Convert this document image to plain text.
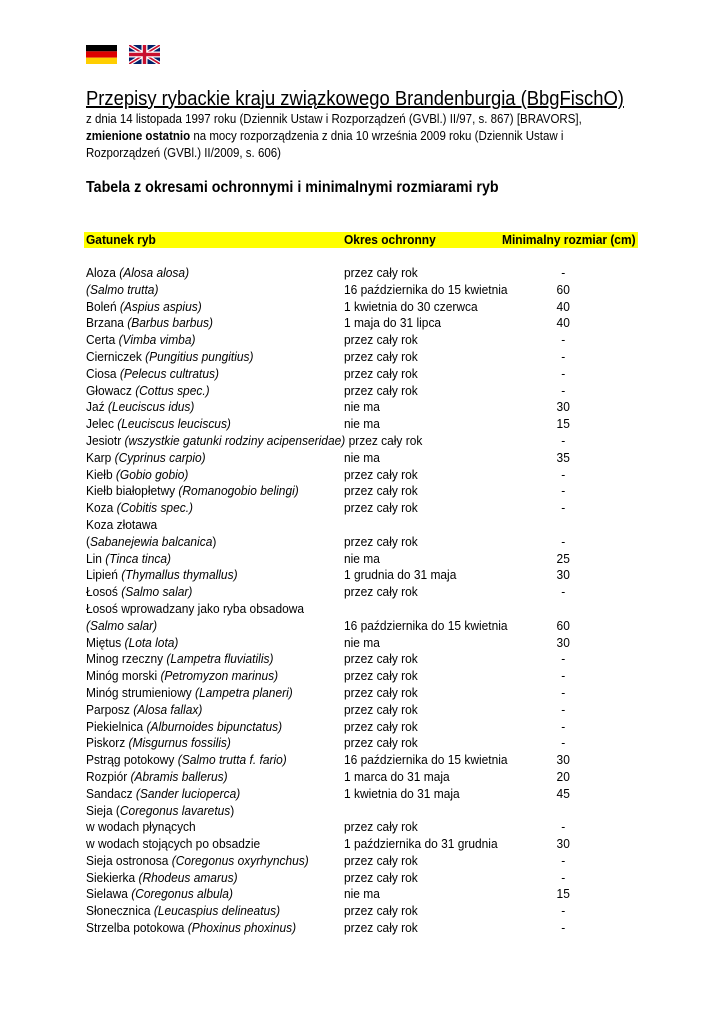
Przepisy rybackie kraju związkowego Brandenburgia (BbgFischO)
z dnia 14 listopada 1997 roku (Dziennik Ustaw i Rozporządzeń (GVBl.) II/97, s. 867) [BRAVORS],
zmienione ostatnio na mocy rozporządzenia z dnia 10 września 2009 roku (Dziennik Ustaw i
Rozporządzeń (GVBl.) II/2009, s. 606)
Tabela z okresami ochronnymi i minimalnymi rozmiarami ryb
Gatunek ryb	Okres ochronny	Minimalny rozmiar (cm)
Aloza (Alosa alosa)	przez cały rok	-
(Salmo trutta)	16 października do 15 kwietnia	60
Boleń (Aspius aspius)	1 kwietnia do 30 czerwca	40
Brzana (Barbus barbus)	1 maja do 31 lipca	40
Certa (Vimba vimba)	przez cały rok	-
Cierniczek (Pungitius pungitius)	przez cały rok	-
Ciosa (Pelecus cultratus)	przez cały rok	-
Głowacz (Cottus spec.)	przez cały rok	-
Jaź (Leuciscus idus)	nie ma	30
Jelec (Leuciscus leuciscus)	nie ma	15
Jesiotr (wszystkie gatunki rodziny acipenseridae) przez cały rok	-
Karp (Cyprinus carpio)	nie ma	35
Kiełb (Gobio gobio)	przez cały rok	-
Kiełb białopłetwy (Romanogobio belingi)	przez cały rok	-
Koza (Cobitis spec.)	przez cały rok	-
Koza złotawa
(Sabanejewia balcanica)	przez cały rok	-
Lin (Tinca tinca)	nie ma	25
Lipień (Thymallus thymallus)	1 grudnia do 31 maja	30
Łosoś (Salmo salar)	przez cały rok	-
Łosoś wprowadzany jako ryba obsadowa
(Salmo salar)	16 października do 15 kwietnia	60
Miętus (Lota lota)	nie ma	30
Minog rzeczny (Lampetra fluviatilis)	przez cały rok	-
Minóg morski (Petromyzon marinus)	przez cały rok	-
Minóg strumieniowy (Lampetra planeri)	przez cały rok	-
Parposz (Alosa fallax)	przez cały rok	-
Piekielnica (Alburnoides bipunctatus)	przez cały rok	-
Piskorz (Misgurnus fossilis)	przez cały rok	-
Pstrąg potokowy (Salmo trutta f. fario)	16 października do 15 kwietnia	30
Rozpiór (Abramis ballerus)	1 marca do 31 maja	20
Sandacz (Sander lucioperca)	1 kwietnia do 31 maja	45
Sieja (Coregonus lavaretus)
w wodach płynących	przez cały rok	-
w wodach stojących po obsadzie	1 października do 31 grudnia	30
Sieja ostronosa (Coregonus oxyrhynchus)	przez cały rok	-
Siekierka (Rhodeus amarus)	przez cały rok	-
Sielawa (Coregonus albula)	nie ma	15
Słonecznica (Leucaspius delineatus)	przez cały rok	-
Strzelba potokowa (Phoxinus phoxinus)	przez cały rok	-
